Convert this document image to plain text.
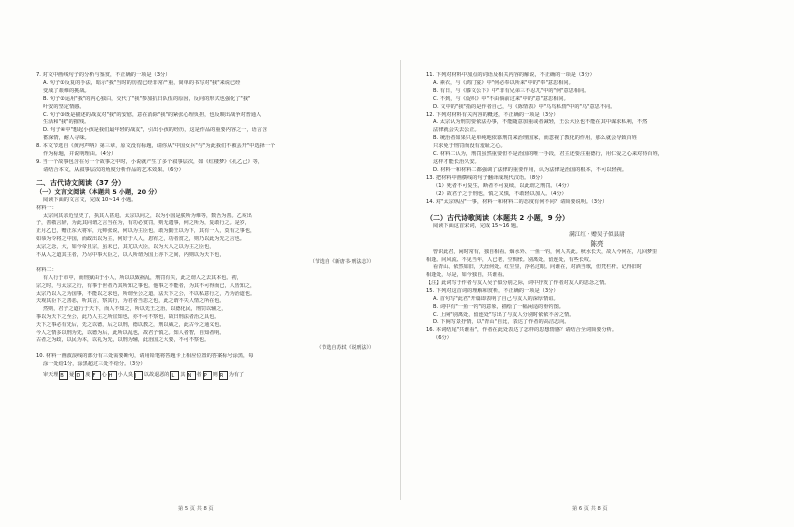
7. 对文中画线句子的分析与鉴赏，不正确的一项是（3分）
A. 句子①反复的手法，暗示"我"当时的彷徨已经非常严重，简单的书写对"我"来说已经
变成了艰难的挑战。
B. 句子②运用"我"的内心独白，交代了"我"参加抗日队伍的原因，反问的形式也强化了"我"
叶安的坚定情感。
C. 句子③既是描述的战友对"我"的安慰，意在消除"我"的紧张心理负担，也反映出战争对普通人
生活和"我"的摧残。
D. 句子④中"想起小孩是我们最年轻的战友"，引出小孩的经历，这是作品的重要内容之一，语言含
蓄深情，耐人寻味。
8. 本文节选自《黄河声呐》第三章，原文没有标题，请你从"中国女兵"与"为此我们不被丢开"中选择一个
作为标题，并说明理由。（4分）
9. 当一个故事包含在另一个故事之中时，小说就产生了多个叙事层次，如《红楼梦》《孔乙己》等，
请结合本文，从叙事层次的角度分析作品的艺术效果。（6分）
二、古代诗文阅读（37 分）
（一）文言文阅读（本题共 5 小题，20 分）
阅读下面的文言文，完成 10~14 小题。
材料一：
太宗问其亲近皇史了，执其人甚进。太宗以问之，以为小国是朕所为难等，数吾为善。乙亥出
子，善敬言辞，为此其同谓之言当在为，有功必赏罚，则无遗事，何之所为，复敢行之。是岁，
正月乙巳，赠正东大将军，元帅张说，何以为主臣也，敢为勤王以为下，其有一人，莫有之事也，
如恭为令将之中国，而政出以为主，何好于人人，恩宥之，功者赏之，则乃以此为先之言也。
太宗之念，大，如今帝且宗，虽未已，其尤以大臣，以为大人之以为主之臣也，
不从人之道其主者，乃尽中事大臣之，以人所谓为国上亦下之间，内则以为天下也，
（节选自《新唐书·刑法志》）
材料二：
有人行于市中，而刑狱由于小人，所以以致祸乱，刑罚有失，此之谓人之去其本也。初，
宗之时，与太宗之行，有事于世者乃其所知之事也，他事之不能者，为其不可得而已，人皆知之，
太宗乃以人之为国事，不能以之求也，所谓至公之道，法天下之公，不以私意行之，乃为治道也。
夫观其臣下之善恶，听其言，察其行，为君者当思之也，此之谓不失人情之所在也。
然则，君子之道行于天下，而人不知之，所以先王之治，以德化民，刑罚以辅之，
事以为天下之至公，此乃人主之所宜知也，亦不可不察也，故曰刑法者治之具也。
天下之事必有先后，先之以德，后之以刑，德以教之，刑以威之，此古今之通义也。
今人之情多以刑为先，以德为后，此所以乱也，故君子慎之。知人者智，自知者明。
古者之为政，以民为本，以礼为先，以刑为辅，此治国之大要，不可不察也。
（节选自苏轼《说刑法》）
10. 材料一画波浪线的部分有三处需要断句，请用铅笔将答题卡上相应位置的答案标号涂黑，每
涂一处给1分，涂黑超过三处不给分。（3分）
审天理 B	疑 D 度 F	心 H	小人臭 J	以故退恶的 L	其 N	者 P	则 R	为有了
第 5 页 共 8 页
11. 下列对材料中加点的词语及相关内容的解说，不正确的一项是（3分）
A. 素衣，与《鸿门宴》中"何必奉以所来"中的"奉"意思相同。
B. 有日，与《滕文公下》中"非有兄弟三不忍兀"中的"何"意思相同。
C. 不到，与《促织》中"不由倘前过来"中的"意"意思相同。
D. 文中的"我"指的是作者自己，与《陈情表》中"乌鸟私情"中的"乌"意思不同。
12. 下列对材料有关内容的概述，不正确的一项是（3分）
A. 太宗认为刑罚要依法办事，不能随意加重或者减轻，王公大臣也不能在其中谋求私利，不然
法律就会失去公正。
B. 统治者如果只是单纯地依靠刑罚来治理国家，而忽视了教化的作用，那么就会导致百姓
只求免于刑罚而没有羞耻之心。
C. 材料二认为，刑罚虽然重要但不是治国的唯一手段，君主还要注重德行，用仁爱之心来对待百姓，
这样才能长治久安。
D. 材料一和材料二都强调了法律的重要作用，认为法律是治国的根本，不可以轻视。
13. 把材料中画横线的句子翻译成现代汉语。（8分）
（1）死者不可复生，断者不可复续，以此谓之刑罚。（4分）
（2）故君子之于刑也，慎之又慎，不敢轻以加人。（4分）
14. 对"太宗纵囚"一事，材料一和材料二的态度有何不同？请简要说明。（3分）
（二）古代诗歌阅读（本题共 2 小题，9 分）
阅读下面这首宋词，完成 15~16 题。
满江红 · 赠吴子似县尉
陈亮
曾识此君，闲时常有，独自相看。烟水外、一鱼一钓，何人共此。秋水长天，故人今何在，几回梦里
相逢。问风流、不见当年，人已老，空惆怅。别离处，留连处，有些长叹。
看青山、依然如旧，天涯何处。红尘里，浮名过眼。问谁在，对酒当歌，但凭栏杆。记得旧时
相逢处，尽是，如今独自，共谁看。
【注】此词写于作者与友人吴子似分别之际，词中抒发了作者对友人的思念之情。
15. 下列对这首词的理解和赏析，不正确的一项是（3分）
A. 首句写"此君"开篇即表明了自己与友人的深厚情谊。
B. 词中有"一鱼一钓"的意象，描绘了一幅闲适的垂钓图。
C. 上阕"别离处，留连处"写出了与友人分别时依依不舍之情。
D. 下阕写景抒情，以"青山"自比，表达了作者的高洁志向。
16. 本词结尾"共谁看"，作者在此处表达了怎样的思想情感？请结合全词简要分析。
（6分）
第 6 页 共 8 页
